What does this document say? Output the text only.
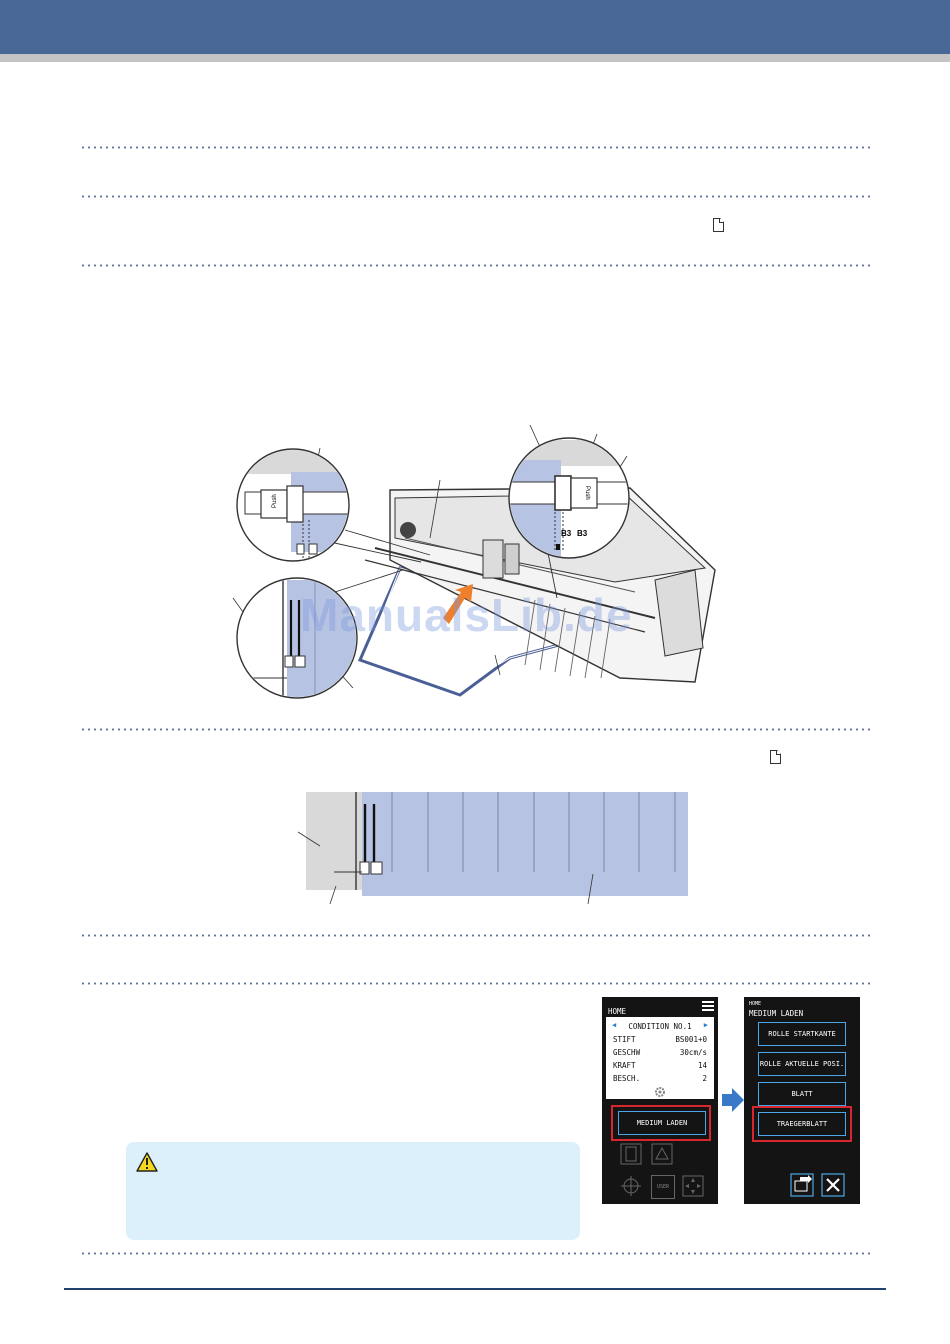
Push
Push
B3 B3
ManualsLib.de
HOME
◀	CONDITION NO.1	▶
STIFT	BS001+0
GESCHW	30cm/s
KRAFT	14
BESCH.	2
MEDIUM LADEN
USER
HOME
MEDIUM LADEN
ROLLE STARTKANTE
ROLLE AKTUELLE POSI.
BLATT
TRAEGERBLATT
